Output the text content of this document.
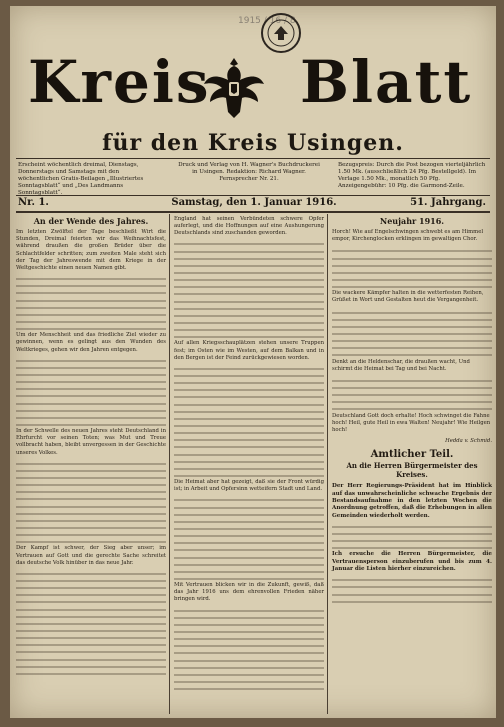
1915 / 16 / 8
Kreis Blatt
für den Kreis Usingen.
Erscheint wöchentlich dreimal, Dienstags, Donnerstags und Samstags mit den wöchentlichen Gratis-Beilagen „Illustriertes Sonntagsblatt“ und „Des Landmanns Sonntagsblatt“.
Druck und Verlag von H. Wagner's Buchdruckerei in Usingen. Redaktion: Richard Wagner. Fernsprecher Nr. 21.
Bezugspreis: Durch die Post bezogen vierteljährlich 1.50 Mk. (ausschließlich 24 Pfg. Bestellgeld). Im Verlage 1.50 Mk., monatlich 50 Pfg. Anzeigengebühr: 10 Pfg. die Garmond-Zeile.
Nr. 1.	Samstag, den 1. Januar 1916.	51. Jahrgang.
An der Wende des Jahres.

Im letzten Zwölftel der Tage beschließt Wirt die Stunden, Dreimal feierten wir das Weihnachtsfest, während draußen die großen Brüder über die Schlachtfelder schritten; zum zweiten Male steht sich der Tag der Jahreswende mit dem Kriege in der Weltgeschichte einen neuen Namen gibt.

Um der Menschheit und das friedliche Ziel wieder zu gewinnen, wenn es gelingt aus den Wunden des Weltkrieges, gehen wir den Jahren entgegen.

In der Schwelle des neuen Jahres steht Deutschland in Ehrfurcht vor seinen Toten; was Mut und Treue vollbracht haben, bleibt unvergessen in der Geschichte unseres Volkes.

Der Kampf ist schwer, der Sieg aber unser; im Vertrauen auf Gott und die gerechte Sache schreitet das deutsche Volk hinüber in das neue Jahr.

England hat seinen Verbündeten schwere Opfer auferlegt, und die Hoffnungen auf eine Aushungerung Deutschlands sind zuschanden geworden.

Auf allen Kriegsschauplätzen stehen unsere Truppen fest; im Osten wie im Westen, auf dem Balkan und in den Bergen ist der Feind zurückgewiesen worden.

Die Heimat aber hat gezeigt, daß sie der Front würdig ist; in Arbeit und Opfersinn wetteifern Stadt und Land.

Mit Vertrauen blicken wir in die Zukunft, gewiß, daß das Jahr 1916 uns dem ehrenvollen Frieden näher bringen wird.

Neujahr 1916.

Horch! Wie auf Engelschwingen schwebt es am Himmel empor, Kirchenglocken erklingen im gewaltigen Chor.

Die wackere Kämpfer halten in die wetterfesten Reihen, Grüßet in Wort und Gestalten heut die Vergangenheit.

Denkt an die Heldenschar, die draußen wacht, Und schirmt die Heimat bei Tag und bei Nacht.

Deutschland Gott doch erhalte! Hoch schwinget die Fahne hoch! Heil, gute Heil in ewa Walten! Neujahr! Wie Heilgen hoch!

Hedda v. Schmid.
Amtlicher Teil.
An die Herren Bürgermeister des Kreises.

Der Herr Regierungs-Präsident hat im Hinblick auf das unwahrscheinliche schwache Ergebnis der Bestandsaufnahme in den letzten Wochen die Anordnung getroffen, daß die Erhebungen in allen Gemeinden wiederholt werden.

Ich ersuche die Herren Bürgermeister, die Vertrauensperson einzuberufen und bis zum 4. Januar die Listen hierher einzureichen.
